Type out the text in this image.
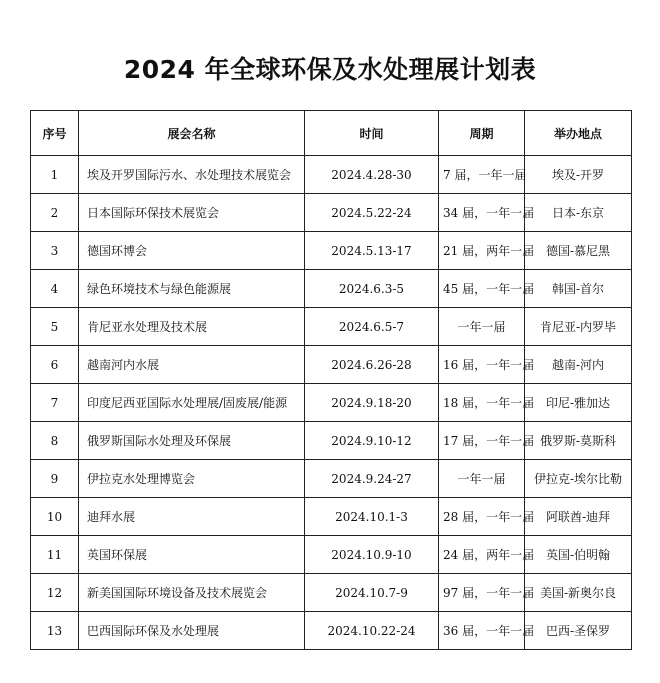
2024 年全球环保及水处理展计划表
序号	展会名称	时间	周期	举办地点
1	埃及开罗国际污水、水处理技术展览会	2024.4.28-30	7 届，一年一届	埃及-开罗
2	日本国际环保技术展览会	2024.5.22-24	34 届，一年一届	日本-东京
3	德国环博会	2024.5.13-17	21 届，两年一届	德国-慕尼黑
4	绿色环境技术与绿色能源展	2024.6.3-5	45 届，一年一届	韩国-首尔
5	肯尼亚水处理及技术展	2024.6.5-7	一年一届	肯尼亚-内罗毕
6	越南河内水展	2024.6.26-28	16 届，一年一届	越南-河内
7	印度尼西亚国际水处理展/固废展/能源	2024.9.18-20	18 届，一年一届	印尼-雅加达
8	俄罗斯国际水处理及环保展	2024.9.10-12	17 届，一年一届	俄罗斯-莫斯科
9	伊拉克水处理博览会	2024.9.24-27	一年一届	伊拉克-埃尔比勒
10	迪拜水展	2024.10.1-3	28 届，一年一届	阿联酋-迪拜
11	英国环保展	2024.10.9-10	24 届，两年一届	英国-伯明翰
12	新美国国际环境设备及技术展览会	2024.10.7-9	97 届，一年一届	美国-新奥尔良
13	巴西国际环保及水处理展	2024.10.22-24	36 届，一年一届	巴西-圣保罗
